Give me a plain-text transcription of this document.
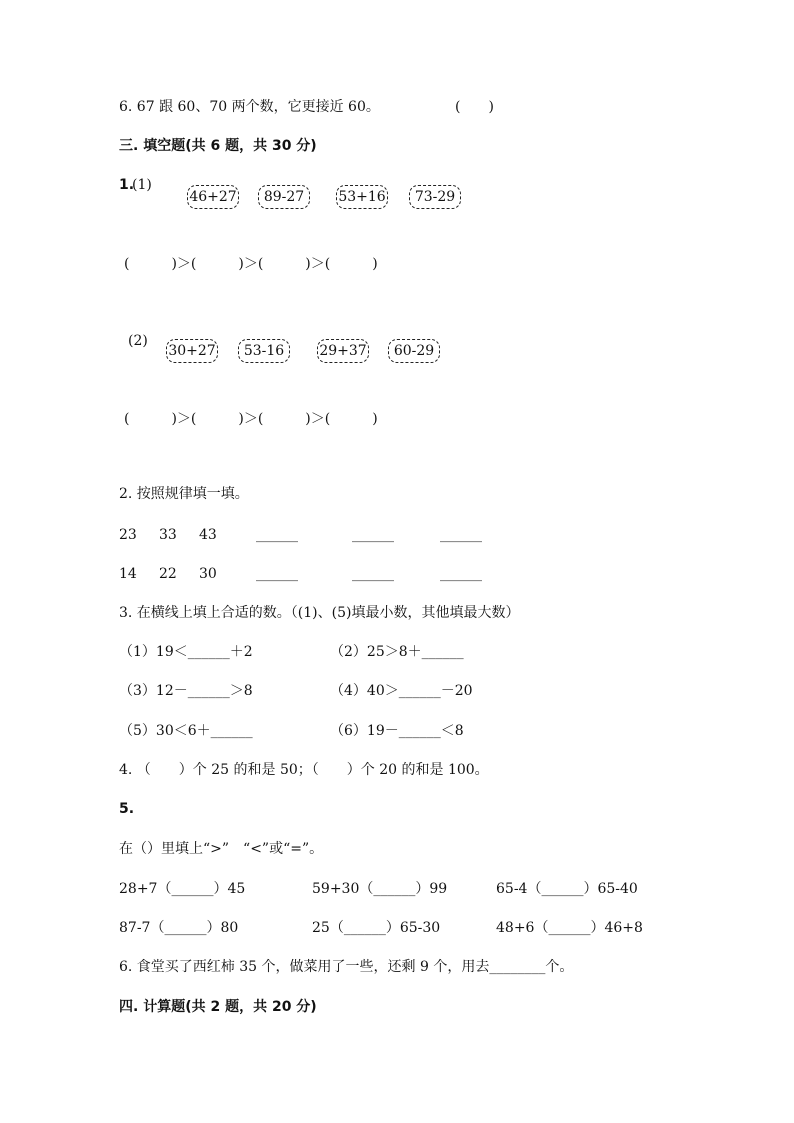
6. 67 跟 60、70 两个数，它更接近 60。	(　　)
三. 填空题(共 6 题，共 30 分)
1.
(1)
46+27	89-27	53+16	73-29
(　　　)＞(　　　)＞(　　　)＞(　　　)
(2)
30+27	53-16	29+37	60-29
(　　　)＞(　　　)＞(　　　)＞(　　　)
2. 按照规律填一填。
23 33 43	______	______	______
14 22 30	______	______	______
3. 在横线上填上合适的数。（(1)、(5)填最小数，其他填最大数）
（1）19＜______＋2	（2）25＞8＋______
（3）12－______＞8	（4）40＞______－20
（5）30＜6＋______	（6）19－______＜8
4. （　　）个 25 的和是 50；（　　）个 20 的和是 100。
5.
在（）里填上“>”　“<”或“=”。
28+7（______）45	59+30（______）99	65-4（______）65-40
87-7（______）80	25（______）65-30	48+6（______）46+8
6. 食堂买了西红柿 35 个，做菜用了一些，还剩 9 个，用去________个。
四. 计算题(共 2 题，共 20 分)
